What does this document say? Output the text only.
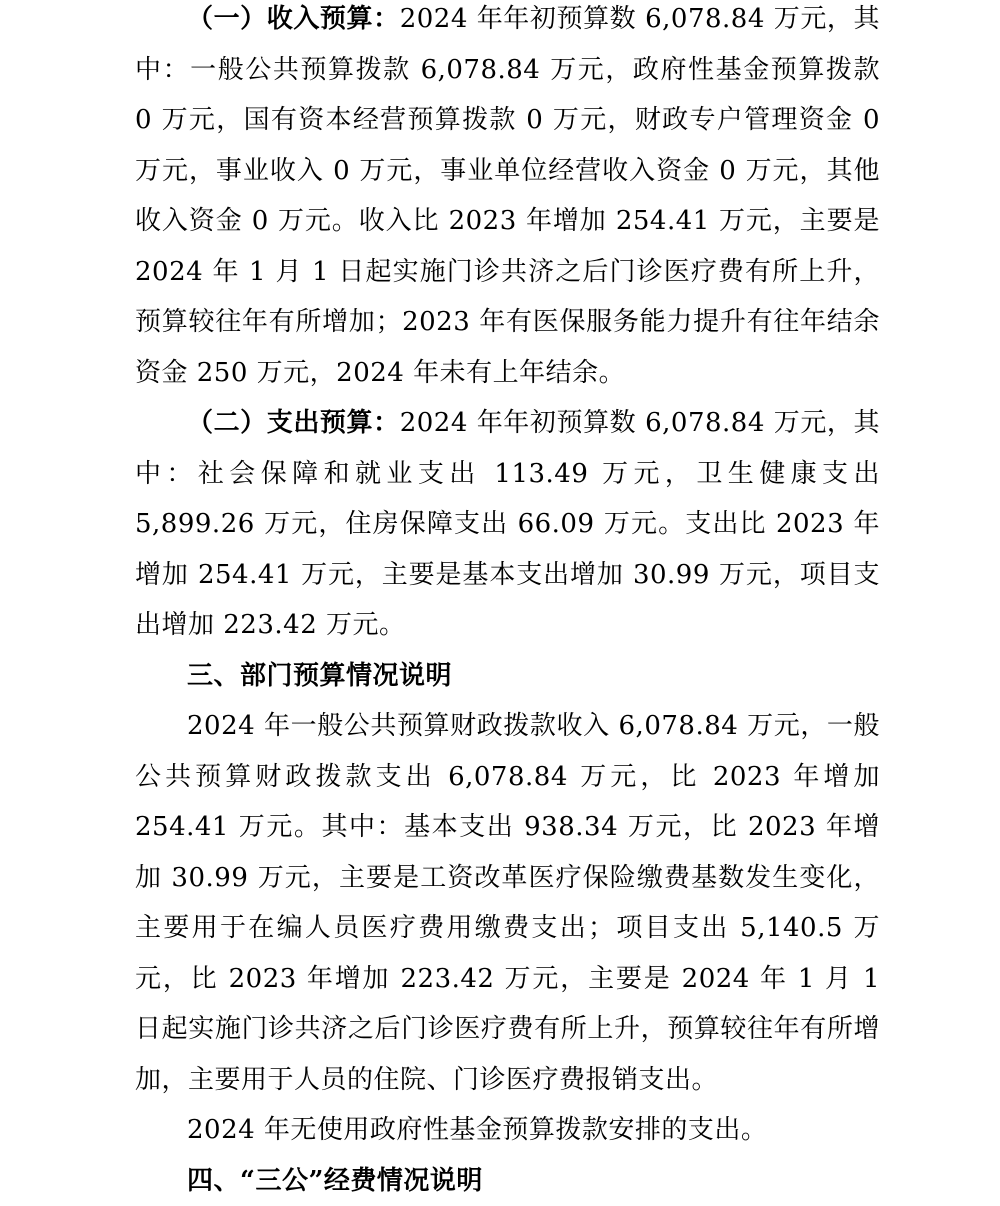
（一）收入预算：2024 年年初预算数 6,078.84 万元，其中：一般公共预算拨款 6,078.84 万元，政府性基金预算拨款 0 万元，国有资本经营预算拨款 0 万元，财政专户管理资金 0 万元，事业收入 0 万元，事业单位经营收入资金 0 万元，其他收入资金 0 万元。收入比 2023 年增加 254.41 万元，主要是 2024 年 1 月 1 日起实施门诊共济之后门诊医疗费有所上升，预算较往年有所增加；2023 年有医保服务能力提升有往年结余资金 250 万元，2024 年未有上年结余。

（二）支出预算：2024 年年初预算数 6,078.84 万元，其中：社会保障和就业支出 113.49 万元，卫生健康支出 5,899.26 万元，住房保障支出 66.09 万元。支出比 2023 年增加 254.41 万元，主要是基本支出增加 30.99 万元，项目支出增加 223.42 万元。

三、部门预算情况说明

2024 年一般公共预算财政拨款收入 6,078.84 万元，一般公共预算财政拨款支出 6,078.84 万元，比 2023 年增加 254.41 万元。其中：基本支出 938.34 万元，比 2023 年增加 30.99 万元，主要是工资改革医疗保险缴费基数发生变化，主要用于在编人员医疗费用缴费支出；项目支出 5,140.5 万元，比 2023 年增加 223.42 万元，主要是 2024 年 1 月 1 日起实施门诊共济之后门诊医疗费有所上升，预算较往年有所增加，主要用于人员的住院、门诊医疗费报销支出。

2024 年无使用政府性基金预算拨款安排的支出。

四、“三公”经费情况说明
